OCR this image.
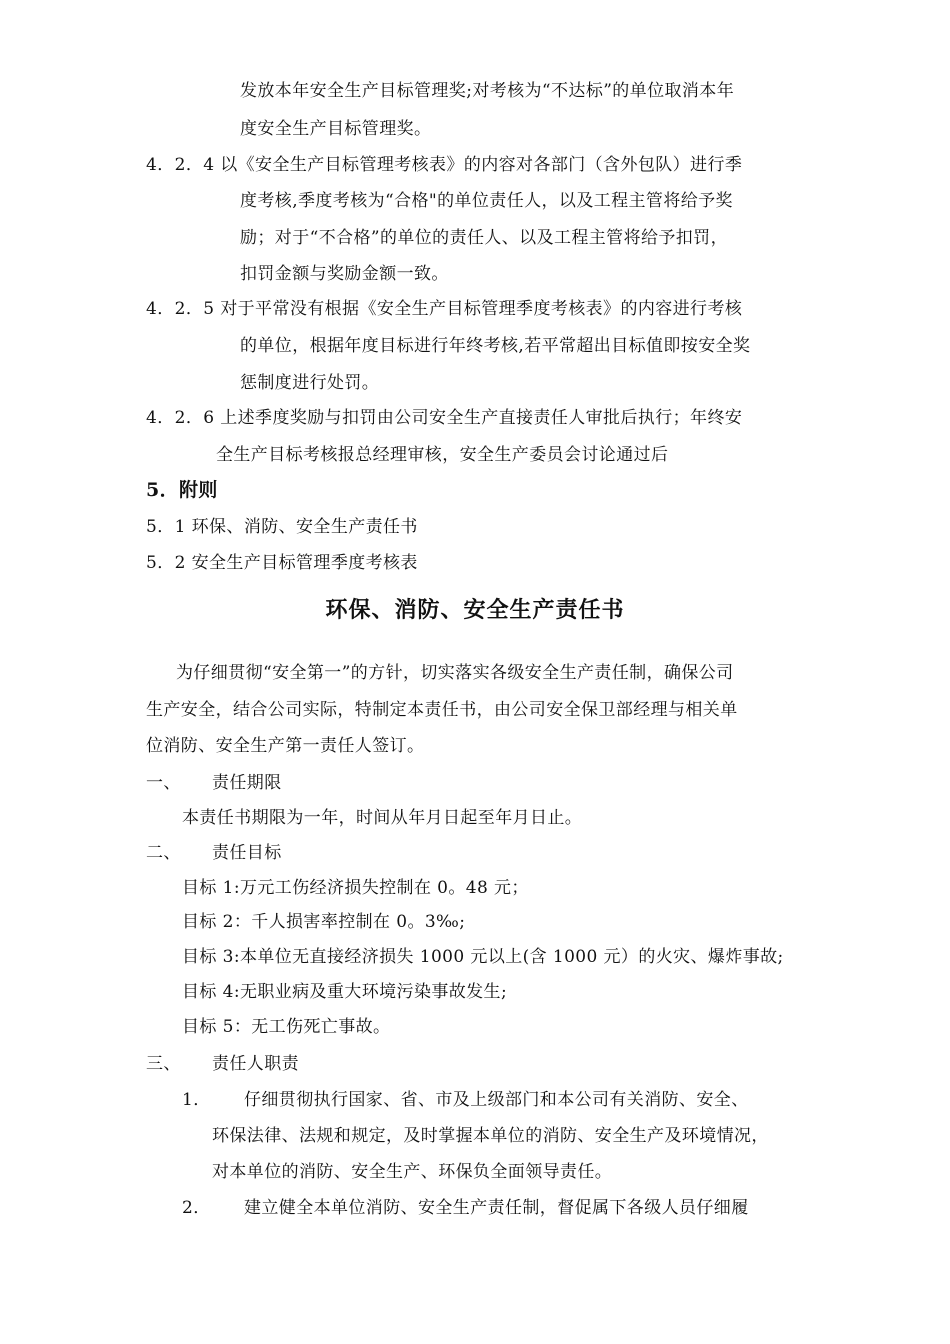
发放本年安全生产目标管理奖;对考核为“不达标”的单位取消本年
度安全生产目标管理奖。
4．2．4 以《安全生产目标管理考核表》的内容对各部门（含外包队）进行季
度考核,季度考核为“合格"的单位责任人，以及工程主管将给予奖
励；对于“不合格”的单位的责任人、以及工程主管将给予扣罚，
扣罚金额与奖励金额一致。
4．2．5 对于平常没有根据《安全生产目标管理季度考核表》的内容进行考核
的单位，根据年度目标进行年终考核,若平常超出目标值即按安全奖
惩制度进行处罚。
4．2．6 上述季度奖励与扣罚由公司安全生产直接责任人审批后执行；年终安
全生产目标考核报总经理审核，安全生产委员会讨论通过后
5．附则
5．1 环保、消防、安全生产责任书
5．2 安全生产目标管理季度考核表
环保、消防、安全生产责任书
为仔细贯彻“安全第一”的方针，切实落实各级安全生产责任制，确保公司
生产安全，结合公司实际，特制定本责任书，由公司安全保卫部经理与相关单
位消防、安全生产第一责任人签订。
一、 责任期限
本责任书期限为一年，时间从年月日起至年月日止。
二、 责任目标
目标 1:万元工伤经济损失控制在 0。48 元；
目标 2：千人损害率控制在 0。3‰;
目标 3:本单位无直接经济损失 1000 元以上(含 1000 元）的火灾、爆炸事故;
目标 4:无职业病及重大环境污染事故发生;
目标 5：无工伤死亡事故。
三、 责任人职责
1． 仔细贯彻执行国家、省、市及上级部门和本公司有关消防、安全、
环保法律、法规和规定，及时掌握本单位的消防、安全生产及环境情况，
对本单位的消防、安全生产、环保负全面领导责任。
2． 建立健全本单位消防、安全生产责任制，督促属下各级人员仔细履
